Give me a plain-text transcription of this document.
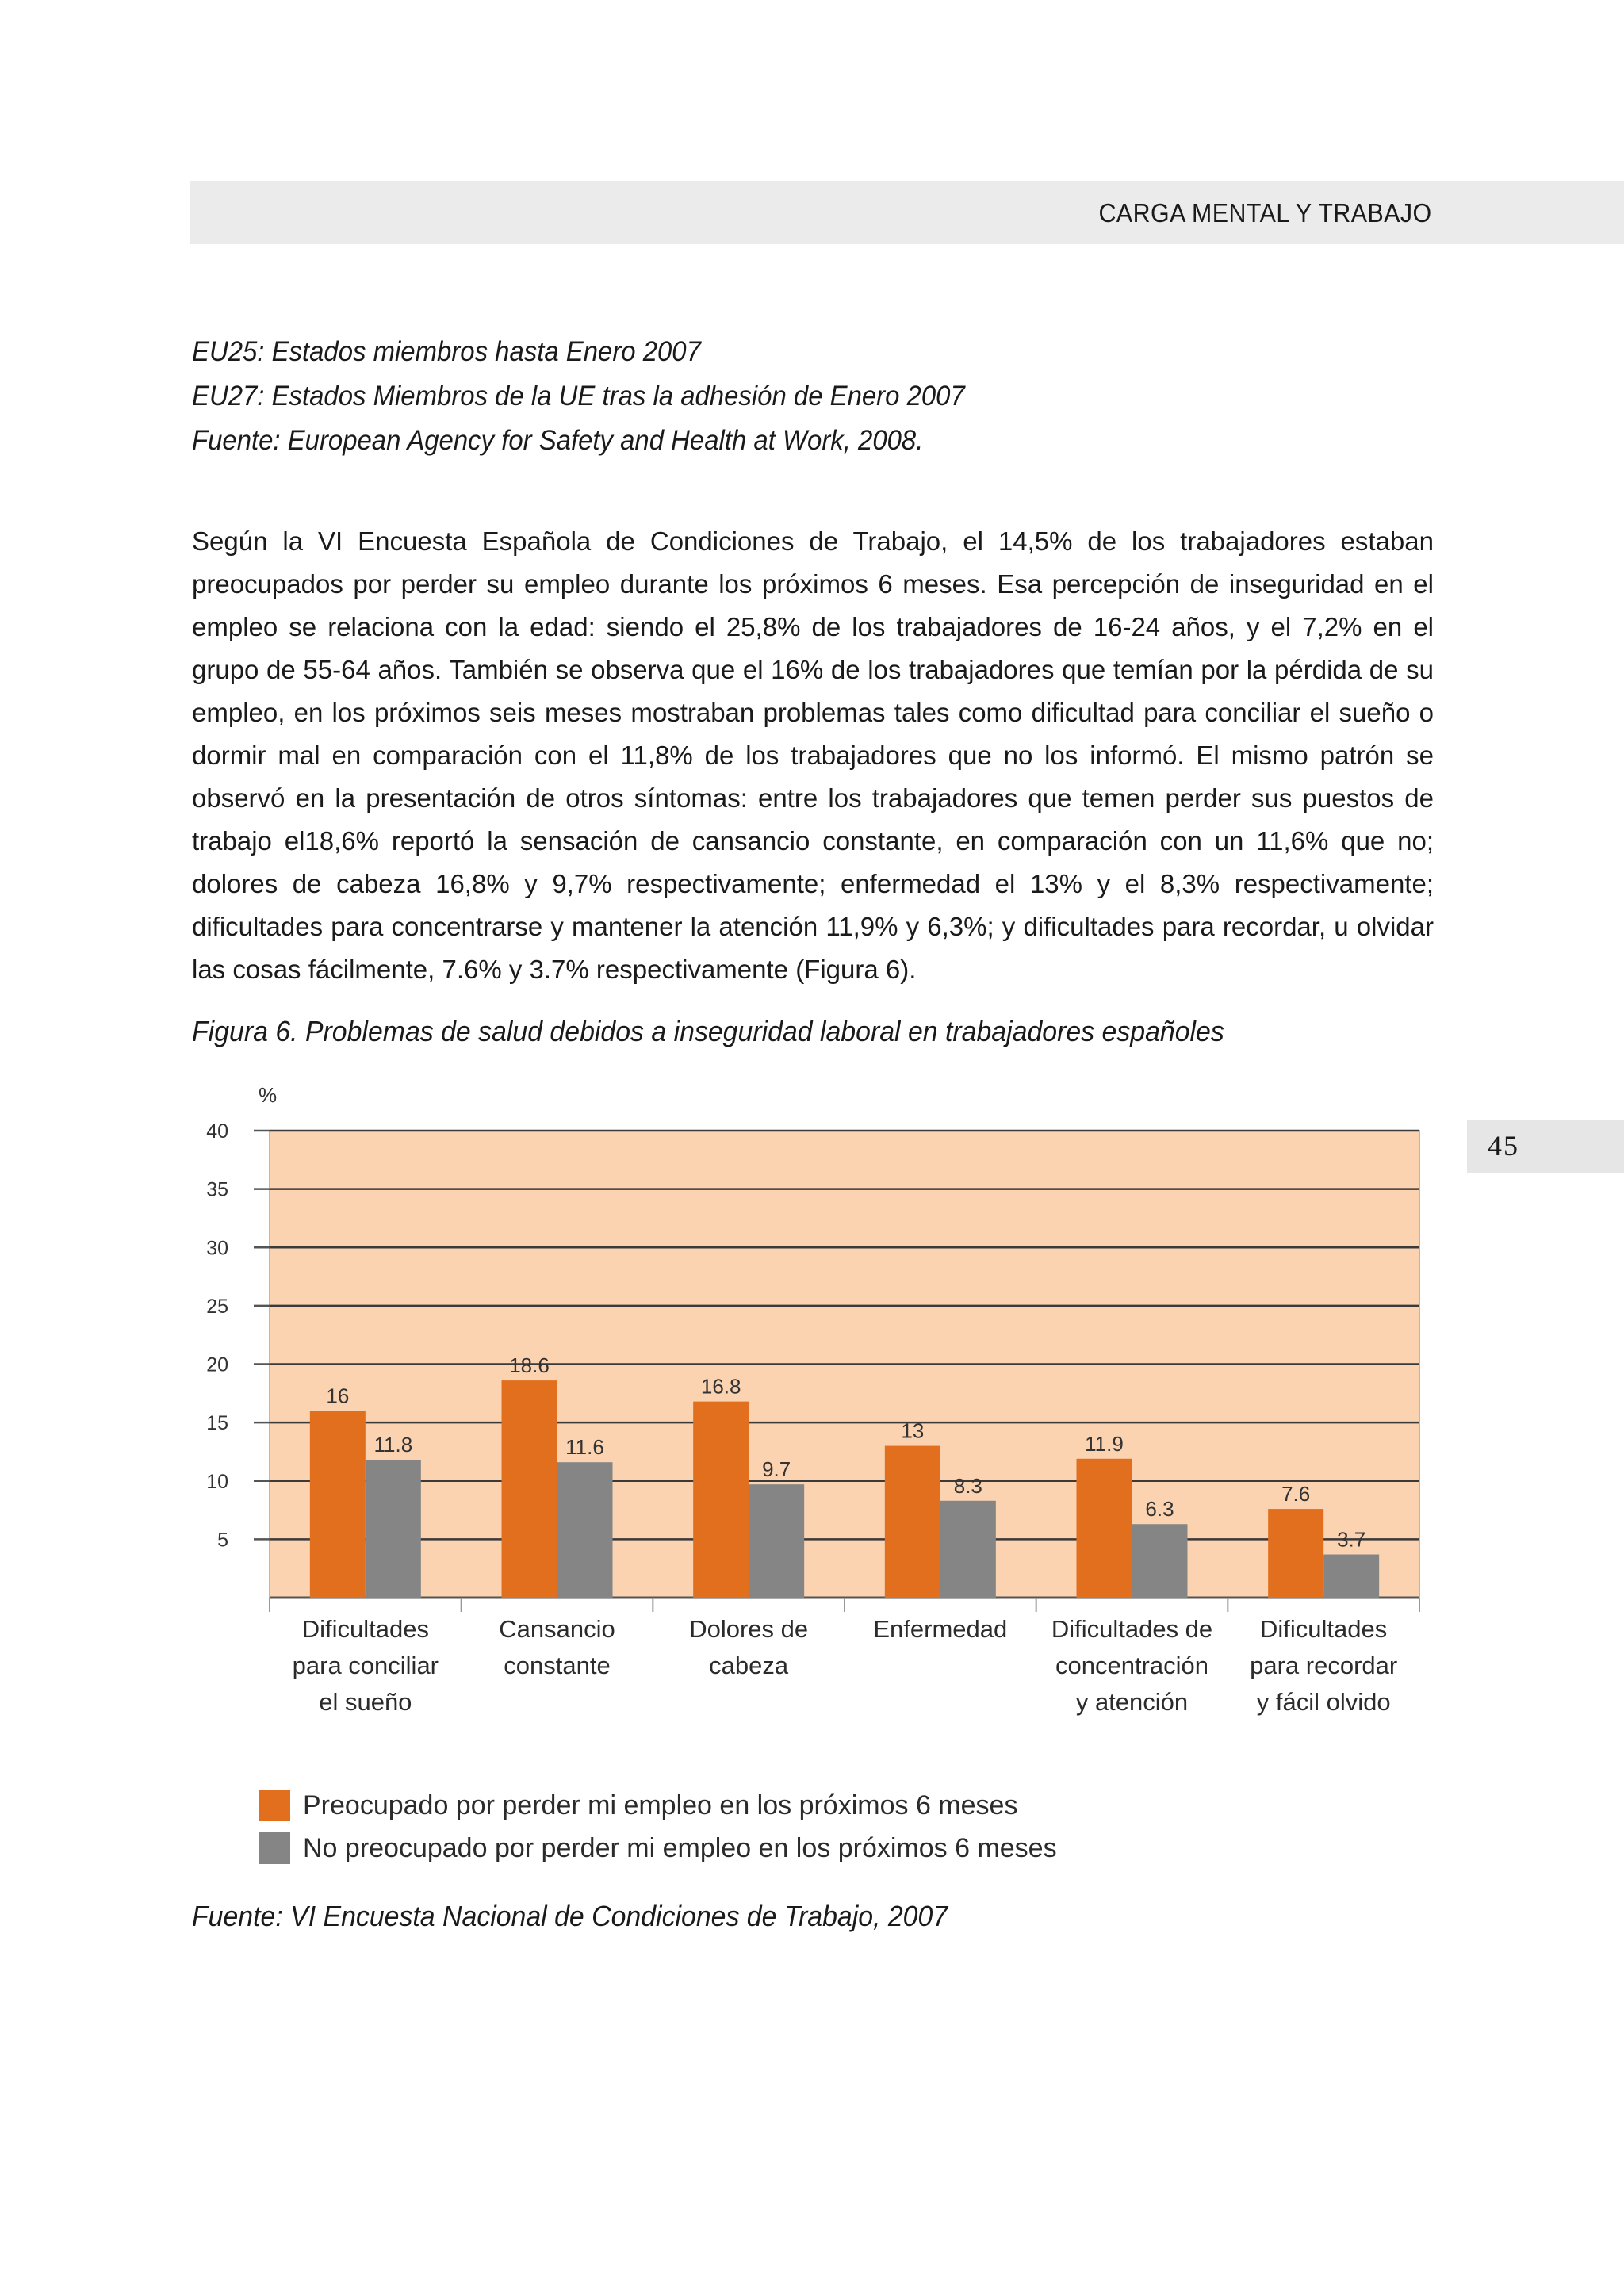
CARGA MENTAL Y TRABAJO
EU25: Estados miembros hasta Enero 2007
EU27: Estados Miembros de la UE tras la adhesión de Enero 2007
Fuente: European Agency for Safety and Health at Work, 2008.
Según la VI Encuesta Española de Condiciones de Trabajo, el 14,5% de los trabajadores estaban preocupados por perder su empleo durante los próximos 6 meses. Esa percepción de inseguridad en el empleo se relaciona con la edad: siendo el 25,8% de los trabajadores de 16-24 años, y el 7,2% en el grupo de 55-64 años. También se observa que el 16% de los trabajadores que temían por la pérdida de su empleo, en los próximos seis meses mostraban problemas tales como dificultad para conciliar el sueño o dormir mal en comparación con el 11,8% de los trabajadores que no los informó. El mismo patrón se observó en la presentación de otros síntomas: entre los trabajadores que temen perder sus puestos de trabajo el18,6% reportó la sensación de cansancio constante, en comparación con un 11,6% que no; dolores de cabeza 16,8% y 9,7% respectivamente; enfermedad el 13% y el 8,3% respectivamente; dificultades para concentrarse y mantener la atención 11,9% y 6,3%; y dificultades para recordar, u olvidar las cosas fácilmente, 7.6% y 3.7% respectivamente (Figura 6).
Figura 6. Problemas de salud debidos a inseguridad laboral en trabajadores españoles
45
%
5
10
15
20
25
30
35
40
16
11.8
Dificultades
para conciliar
el sueño
18.6
11.6
Cansancio
constante
16.8
9.7
Dolores de
cabeza
13
8.3
Enfermedad
11.9
6.3
Dificultades de
concentración
y atención
7.6
3.7
Dificultades
para recordar
y fácil olvido
Preocupado por perder mi empleo en los próximos 6 meses
No preocupado por perder mi empleo en los próximos 6 meses
Fuente: VI Encuesta Nacional de Condiciones de Trabajo, 2007
